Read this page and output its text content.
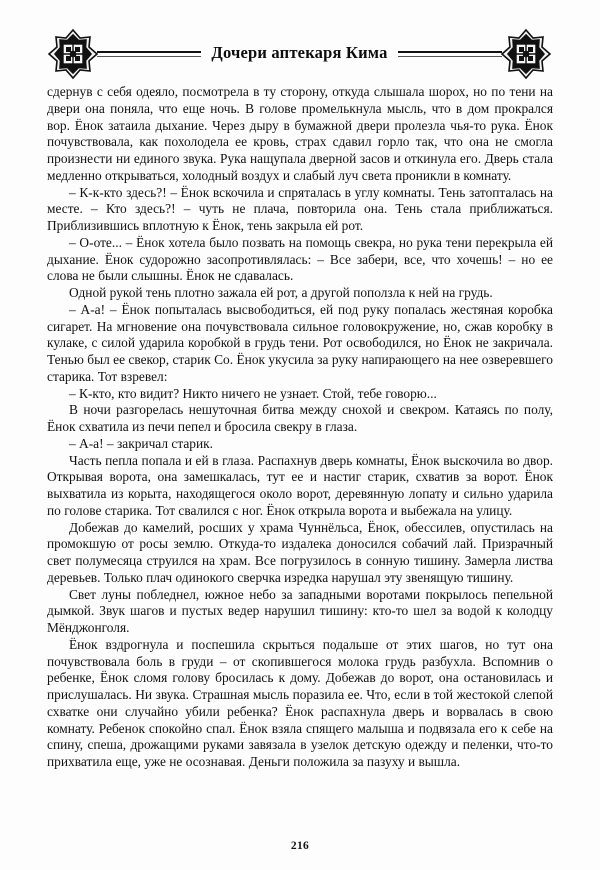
Дочери аптекаря Кима

сдернув с себя одеяло, посмотрела в ту сторону, откуда слышала шорох, но по тени на двери она поняла, что еще ночь. В голове промелькнула мысль, что в дом прокрался вор. Ёнок затаила дыхание. Через дыру в бумажной двери пролезла чья-то рука. Ёнок почувствовала, как похолодела ее кровь, страх сдавил горло так, что она не смогла произнести ни единого звука. Рука нащупала дверной засов и откинула его. Дверь стала медленно открываться, холодный воздух и слабый луч света проникли в комнату.

– К-к-кто здесь?! – Ёнок вскочила и спряталась в углу комнаты. Тень затопталась на месте. – Кто здесь?! – чуть не плача, повторила она. Тень стала приближаться. Приблизившись вплотную к Ёнок, тень закрыла ей рот.

– О-оте... – Ёнок хотела было позвать на помощь свекра, но рука тени перекрыла ей дыхание. Ёнок судорожно засопротивлялась: – Все забери, все, что хочешь! – но ее слова не были слышны. Ёнок не сдавалась.

Одной рукой тень плотно зажала ей рот, а другой поползла к ней на грудь.

– А-а! – Ёнок попыталась высвободиться, ей под руку попалась жестяная коробка сигарет. На мгновение она почувствовала сильное головокружение, но, сжав коробку в кулаке, с силой ударила коробкой в грудь тени. Рот освободился, но Ёнок не закричала. Тенью был ее свекор, старик Со. Ёнок укусила за руку напирающего на нее озверевшего старика. Тот взревел:

– К-кто, кто видит? Никто ничего не узнает. Стой, тебе говорю...

В ночи разгорелась нешуточная битва между снохой и свекром. Катаясь по полу, Ёнок схватила из печи пепел и бросила свекру в глаза.

– А-а! – закричал старик.

Часть пепла попала и ей в глаза. Распахнув дверь комнаты, Ёнок выскочила во двор. Открывая ворота, она замешкалась, тут ее и настиг старик, схватив за ворот. Ёнок выхватила из корыта, находящегося около ворот, деревянную лопату и сильно ударила по голове старика. Тот свалился с ног. Ёнок открыла ворота и выбежала на улицу.

Добежав до камелий, росших у храма Чуннёльса, Ёнок, обессилев, опустилась на промокшую от росы землю. Откуда-то издалека доносился собачий лай. Призрачный свет полумесяца струился на храм. Все погрузилось в сонную тишину. Замерла листва деревьев. Только плач одинокого сверчка изредка нарушал эту звенящую тишину.

Свет луны побледнел, южное небо за западными воротами покрылось пепельной дымкой. Звук шагов и пустых ведер нарушил тишину: кто-то шел за водой к колодцу Мёнджонголя.

Ёнок вздрогнула и поспешила скрыться подальше от этих шагов, но тут она почувствовала боль в груди – от скопившегося молока грудь разбухла. Вспомнив о ребенке, Ёнок сломя голову бросилась к дому. Добежав до ворот, она остановилась и прислушалась. Ни звука. Страшная мысль поразила ее. Что, если в той жестокой слепой схватке они случайно убили ребенка? Ёнок распахнула дверь и ворвалась в свою комнату. Ребенок спокойно спал. Ёнок взяла спящего малыша и подвязала его к себе на спину, спеша, дрожащими руками завязала в узелок детскую одежду и пеленки, что-то прихватила еще, уже не осознавая. Деньги положила за пазуху и вышла.

216
